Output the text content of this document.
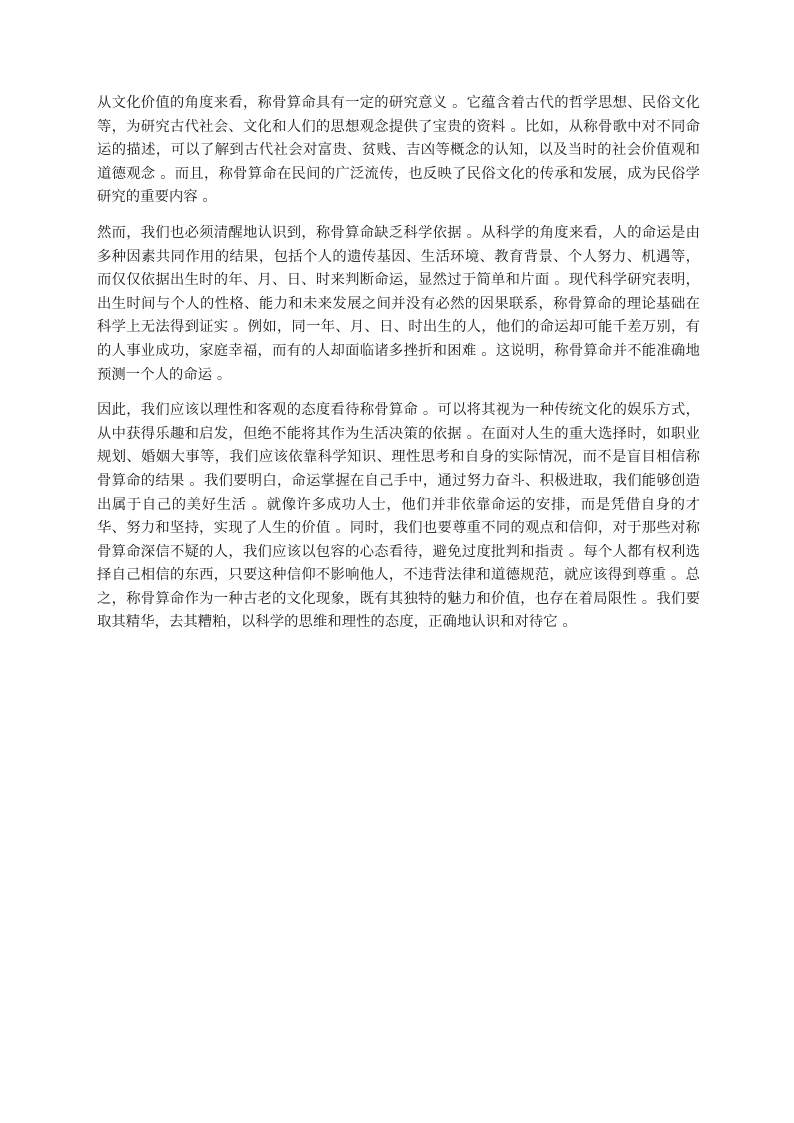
从文化价值的角度来看，称骨算命具有一定的研究意义 。它蕴含着古代的哲学思想、民俗文化等，为研究古代社会、文化和人们的思想观念提供了宝贵的资料 。比如，从称骨歌中对不同命运的描述，可以了解到古代社会对富贵、贫贱、吉凶等概念的认知，以及当时的社会价值观和道德观念 。而且，称骨算命在民间的广泛流传，也反映了民俗文化的传承和发展，成为民俗学研究的重要内容 。

然而，我们也必须清醒地认识到，称骨算命缺乏科学依据 。从科学的角度来看，人的命运是由多种因素共同作用的结果，包括个人的遗传基因、生活环境、教育背景、个人努力、机遇等，而仅仅依据出生时的年、月、日、时来判断命运，显然过于简单和片面 。现代科学研究表明，出生时间与个人的性格、能力和未来发展之间并没有必然的因果联系，称骨算命的理论基础在科学上无法得到证实 。例如，同一年、月、日、时出生的人，他们的命运却可能千差万别，有的人事业成功，家庭幸福，而有的人却面临诸多挫折和困难 。这说明，称骨算命并不能准确地预测一个人的命运 。

因此，我们应该以理性和客观的态度看待称骨算命 。可以将其视为一种传统文化的娱乐方式，从中获得乐趣和启发，但绝不能将其作为生活决策的依据 。在面对人生的重大选择时，如职业规划、婚姻大事等，我们应该依靠科学知识、理性思考和自身的实际情况，而不是盲目相信称骨算命的结果 。我们要明白，命运掌握在自己手中，通过努力奋斗、积极进取，我们能够创造出属于自己的美好生活 。就像许多成功人士，他们并非依靠命运的安排，而是凭借自身的才华、努力和坚持，实现了人生的价值 。同时，我们也要尊重不同的观点和信仰，对于那些对称骨算命深信不疑的人，我们应该以包容的心态看待，避免过度批判和指责 。每个人都有权利选择自己相信的东西，只要这种信仰不影响他人，不违背法律和道德规范，就应该得到尊重 。总之，称骨算命作为一种古老的文化现象，既有其独特的魅力和价值，也存在着局限性 。我们要取其精华，去其糟粕，以科学的思维和理性的态度，正确地认识和对待它 。
